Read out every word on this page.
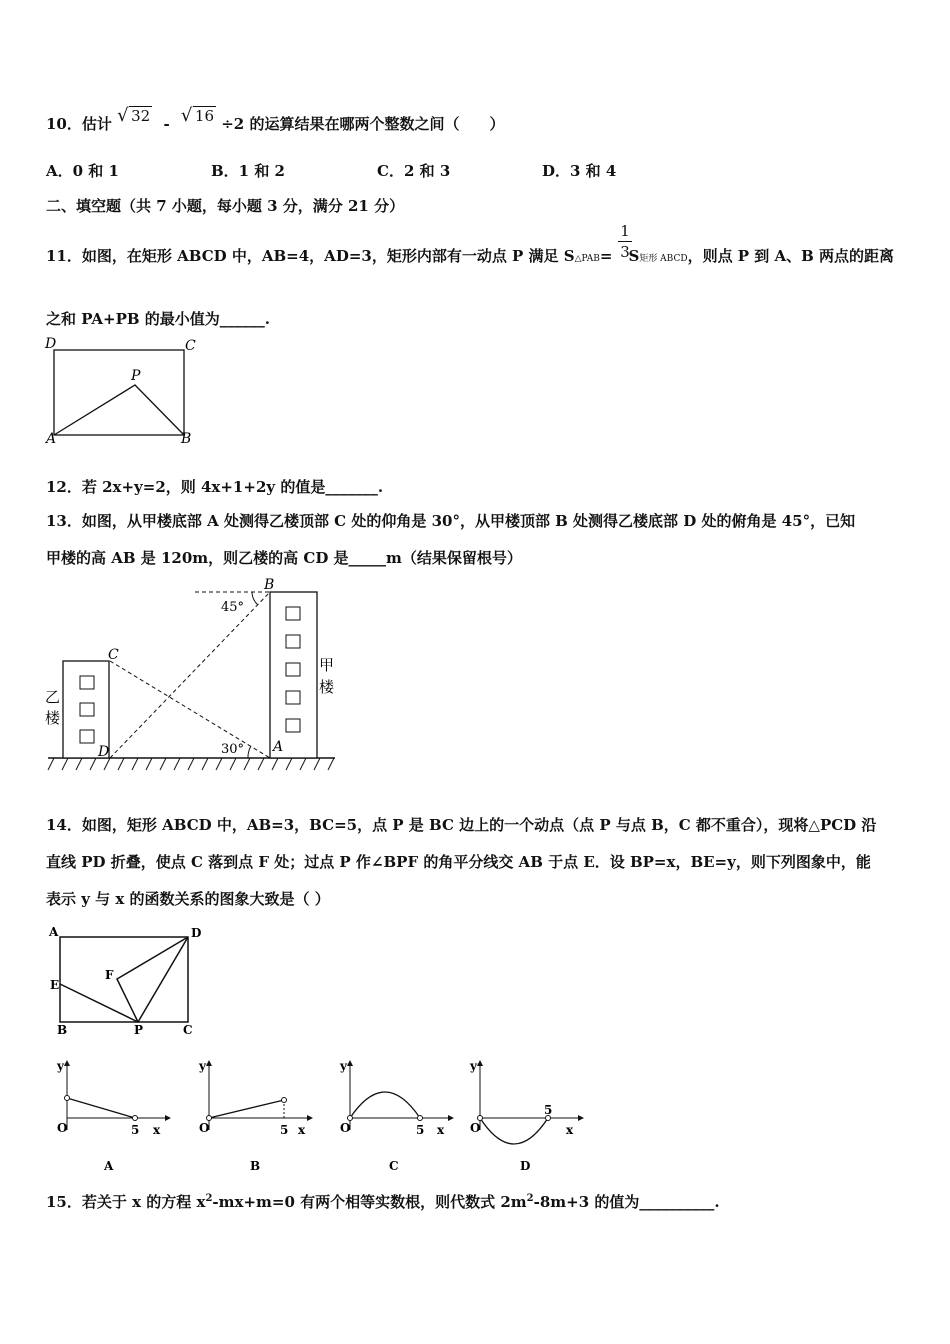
10．估计 √ 32 - √ 16 ÷2 的运算结果在哪两个整数之间（　　）
A．0 和 1	B．1 和 2	C．2 和 3	D．3 和 4
二、填空题（共 7 小题，每小题 3 分，满分 21 分）
11．如图，在矩形 ABCD 中，AB=4，AD=3，矩形内部有一动点 P 满足 S△PAB= S矩形 ABCD，则点 P 到 A、B 两点的距离
$\frac{1}{3}$
之和 PA+PB 的最小值为______.
D	C
P
A	B
12．若 2x+y=2，则 4x+1+2y 的值是_______.
13．如图，从甲楼底部 A 处测得乙楼顶部 C 处的仰角是 30°，从甲楼顶部 B 处测得乙楼底部 D 处的俯角是 45°，已知
甲楼的高 AB 是 120m，则乙楼的高 CD 是_____m（结果保留根号）
B
C
D	A
45°
30°
甲
楼
乙
楼
14．如图，矩形 ABCD 中，AB=3，BC=5，点 P 是 BC 边上的一个动点（点 P 与点 B，C 都不重合），现将△PCD 沿
直线 PD 折叠，使点 C 落到点 F 处；过点 P 作∠BPF 的角平分线交 AB 于点 E．设 BP=x，BE=y，则下列图象中，能
表示 y 与 x 的函数关系的图象大致是（ ）
A	D
E
F
B	P	C
y
O	5 x
A
y
O	5 x
B
y
O	5 x
C
y
O
5
x
D
15．若关于 x 的方程 $x^2-mx+m=0$ 有两个相等实数根，则代数式 $2m^2-8m+3$ 的值为__________.
